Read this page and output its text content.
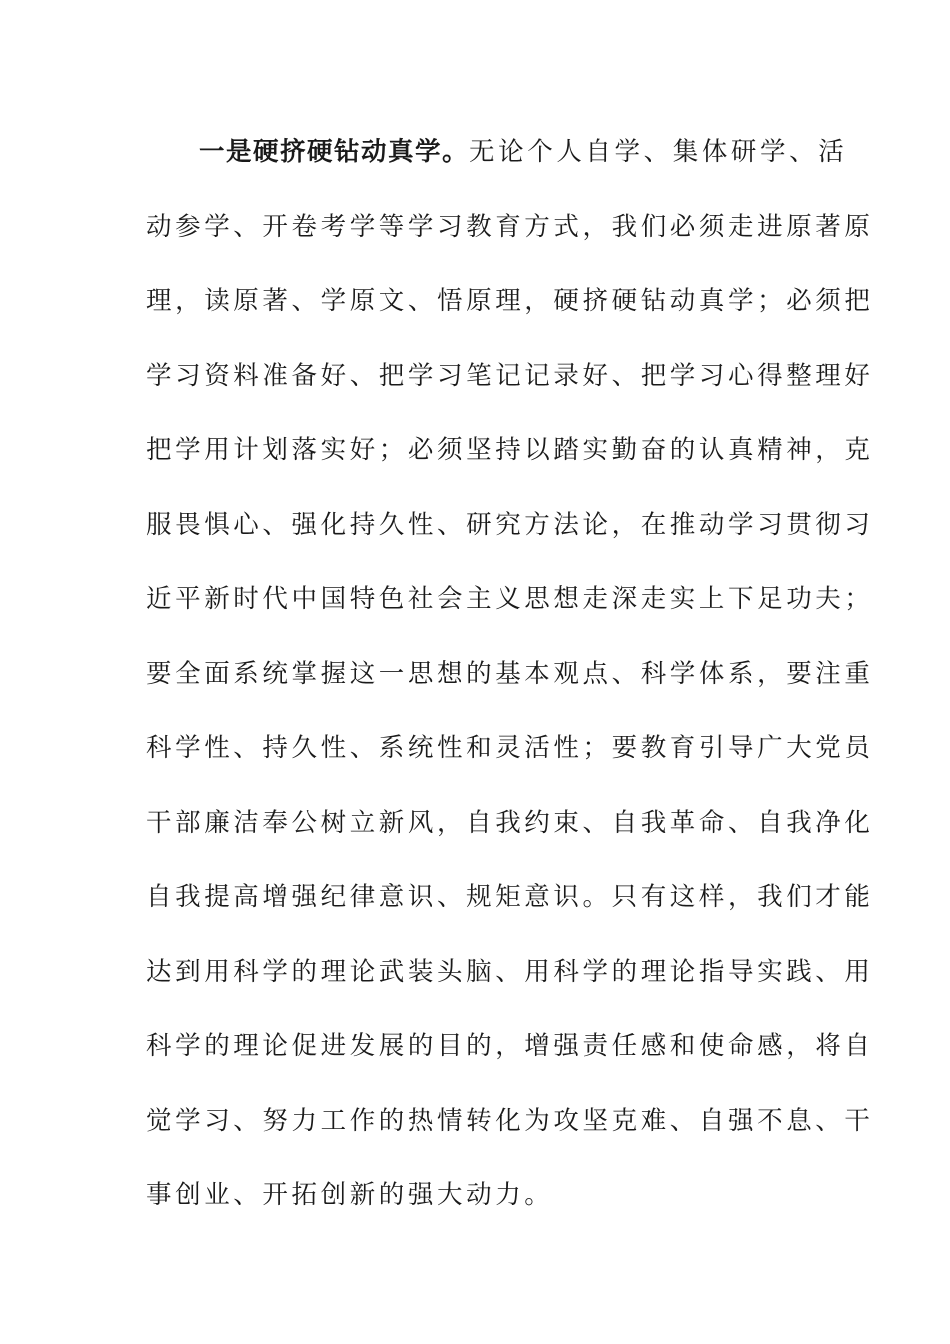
一是硬挤硬钻动真学。无论个人自学、集体研学、活
动参学、开卷考学等学习教育方式，我们必须走进原著原
理，读原著、学原文、悟原理，硬挤硬钻动真学；必须把
学习资料准备好、把学习笔记记录好、把学习心得整理好
把学用计划落实好；必须坚持以踏实勤奋的认真精神，克
服畏惧心、强化持久性、研究方法论，在推动学习贯彻习
近平新时代中国特色社会主义思想走深走实上下足功夫；
要全面系统掌握这一思想的基本观点、科学体系，要注重
科学性、持久性、系统性和灵活性；要教育引导广大党员
干部廉洁奉公树立新风，自我约束、自我革命、自我净化
自我提高增强纪律意识、规矩意识。只有这样，我们才能
达到用科学的理论武装头脑、用科学的理论指导实践、用
科学的理论促进发展的目的，增强责任感和使命感，将自
觉学习、努力工作的热情转化为攻坚克难、自强不息、干
事创业、开拓创新的强大动力。
